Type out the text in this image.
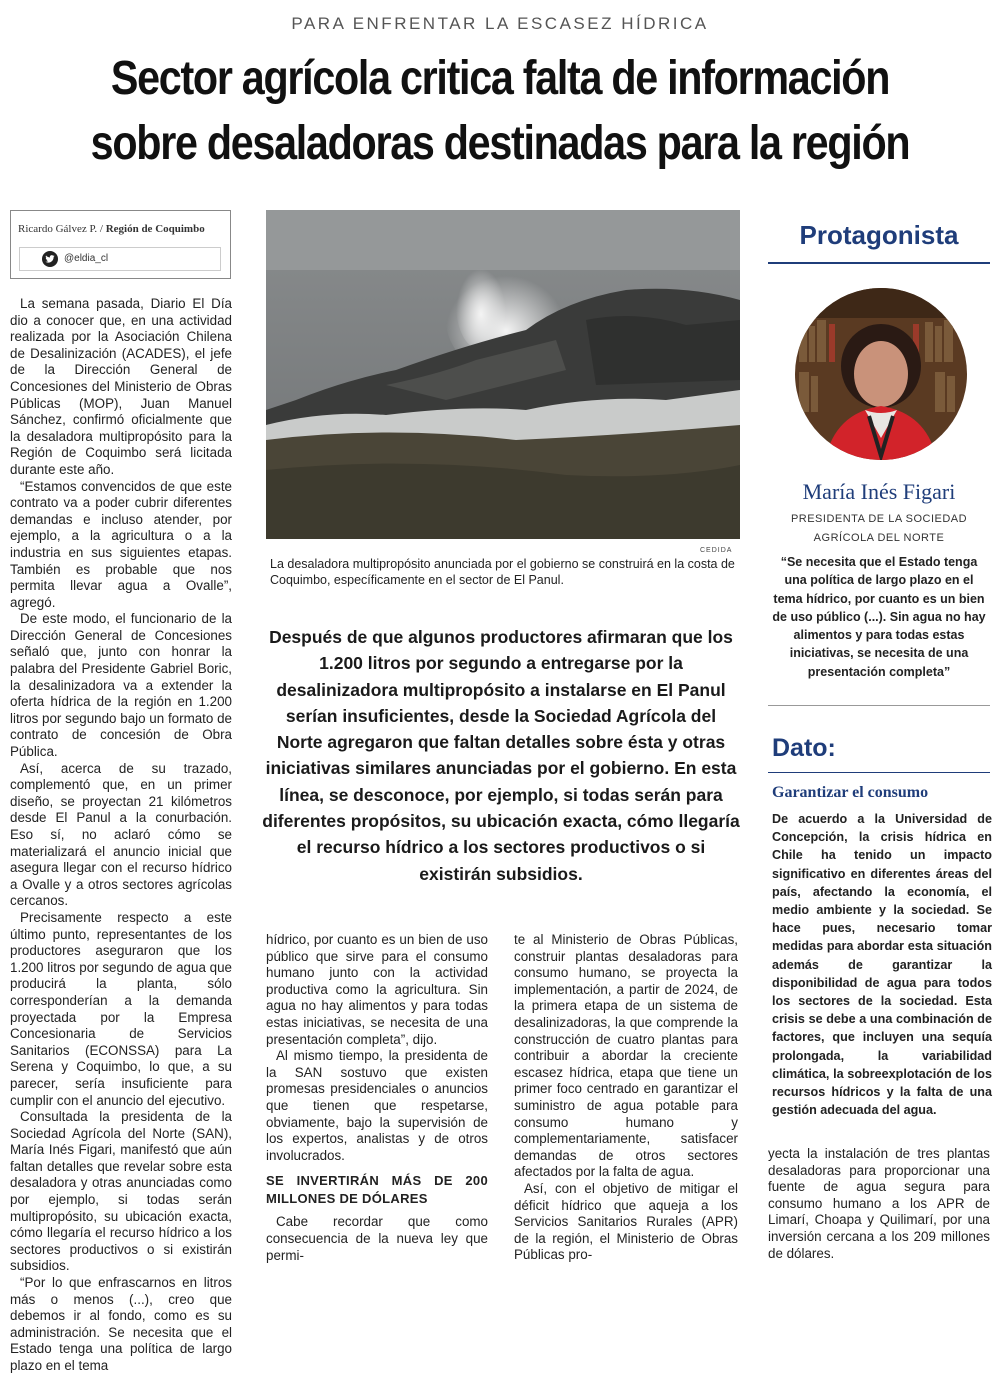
PARA ENFRENTAR LA ESCASEZ HÍDRICA
Sector agrícola critica falta de información
sobre desaladoras destinadas para la región
Ricardo Gálvez P. / Región de Coquimbo
@eldia_cl

La semana pasada, Diario El Día dio a conocer que, en una actividad realizada por la Asociación Chilena de Desalinización (ACADES), el jefe de la Dirección General de Concesiones del Ministerio de Obras Públicas (MOP), Juan Manuel Sánchez, confirmó oficialmente que la desaladora multipropósito para la Región de Coquimbo será licitada durante este año.

“Estamos convencidos de que este contrato va a poder cubrir diferentes demandas e incluso atender, por ejemplo, a la agricultura o a la industria en sus siguientes etapas. También es probable que nos permita llevar agua a Ovalle”, agregó.

De este modo, el funcionario de la Dirección General de Concesiones señaló que, junto con honrar la palabra del Presidente Gabriel Boric, la desalinizadora va a extender la oferta hídrica de la región en 1.200 litros por segundo bajo un formato de contrato de concesión de Obra Pública.

Así, acerca de su trazado, complementó que, en un primer diseño, se proyectan 21 kilómetros desde El Panul a la conurbación. Eso sí, no aclaró cómo se materializará el anuncio inicial que asegura llegar con el recurso hídrico a Ovalle y a otros sectores agrícolas cercanos.

Precisamente respecto a este último punto, representantes de los productores aseguraron que los 1.200 litros por segundo de agua que producirá la planta, sólo corresponderían a la demanda proyectada por la Empresa Concesionaria de Servicios Sanitarios (ECONSSA) para La Serena y Coquimbo, lo que, a su parecer, sería insuficiente para cumplir con el anuncio del ejecutivo.

Consultada la presidenta de la Sociedad Agrícola del Norte (SAN), María Inés Figari, manifestó que aún faltan detalles que revelar sobre esta desaladora y otras anunciadas como por ejemplo, si todas serán multipropósito, su ubicación exacta, cómo llegaría el recurso hídrico a los sectores productivos o si existirán subsidios.

“Por lo que enfrascarnos en litros más o menos (...), creo que debemos ir al fondo, como es su administración. Se necesita que el Estado tenga una política de largo plazo en el tema

CEDIDA
La desaladora multipropósito anunciada por el gobierno se construirá en la costa de Coquimbo, específicamente en el sector de El Panul.
Después de que algunos productores afirmaran que los 1.200 litros por segundo a entregarse por la desalinizadora multipropósito a instalarse en El Panul serían insuficientes, desde la Sociedad Agrícola del Norte agregaron que faltan detalles sobre ésta y otras iniciativas similares anunciadas por el gobierno. En esta línea, se desconoce, por ejemplo, si todas serán para diferentes propósitos, su ubicación exacta, cómo llegaría el recurso hídrico a los sectores productivos o si existirán subsidios.

hídrico, por cuanto es un bien de uso público que sirve para el consumo humano junto con la actividad productiva como la agricultura. Sin agua no hay alimentos y para todas estas iniciativas, se necesita de una presentación completa”, dijo.

Al mismo tiempo, la presidenta de la SAN sostuvo que existen promesas presidenciales o anuncios que tienen que respetarse, obviamente, bajo la supervisión de los expertos, analistas y de otros involucrados.

SE INVERTIRÁN MÁS DE 200 MILLONES DE DÓLARES

Cabe recordar que como consecuencia de la nueva ley que permi-

te al Ministerio de Obras Públicas, construir plantas desaladoras para consumo humano, se proyecta la implementación, a partir de 2024, de la primera etapa de un sistema de desalinizadoras, la que comprende la construcción de cuatro plantas para contribuir a abordar la creciente escasez hídrica, etapa que tiene un primer foco centrado en garantizar el suministro de agua potable para consumo humano y complementariamente, satisfacer demandas de otros sectores afectados por la falta de agua.

Así, con el objetivo de mitigar el déficit hídrico que aqueja a los Servicios Sanitarios Rurales (APR) de la región, el Ministerio de Obras Públicas pro-

Protagonista
María Inés Figari
PRESIDENTA DE LA SOCIEDAD AGRÍCOLA DEL NORTE
“Se necesita que el Estado tenga una política de largo plazo en el tema hídrico, por cuanto es un bien de uso público (...). Sin agua no hay alimentos y para todas estas iniciativas, se necesita de una presentación completa”
Dato:
Garantizar el consumo
De acuerdo a la Universidad de Concepción, la crisis hídrica en Chile ha tenido un impacto significativo en diferentes áreas del país, afectando la economía, el medio ambiente y la sociedad. Se hace pues, necesario tomar medidas para abordar esta situación además de garantizar la disponibilidad de agua para todos los sectores de la sociedad. Esta crisis se debe a una combinación de factores, que incluyen una sequía prolongada, la variabilidad climática, la sobreexplotación de los recursos hídricos y la falta de una gestión adecuada del agua.

yecta la instalación de tres plantas desaladoras para proporcionar una fuente de agua segura para consumo humano a los APR de Limarí, Choapa y Quilimarí, por una inversión cercana a los 209 millones de dólares.
